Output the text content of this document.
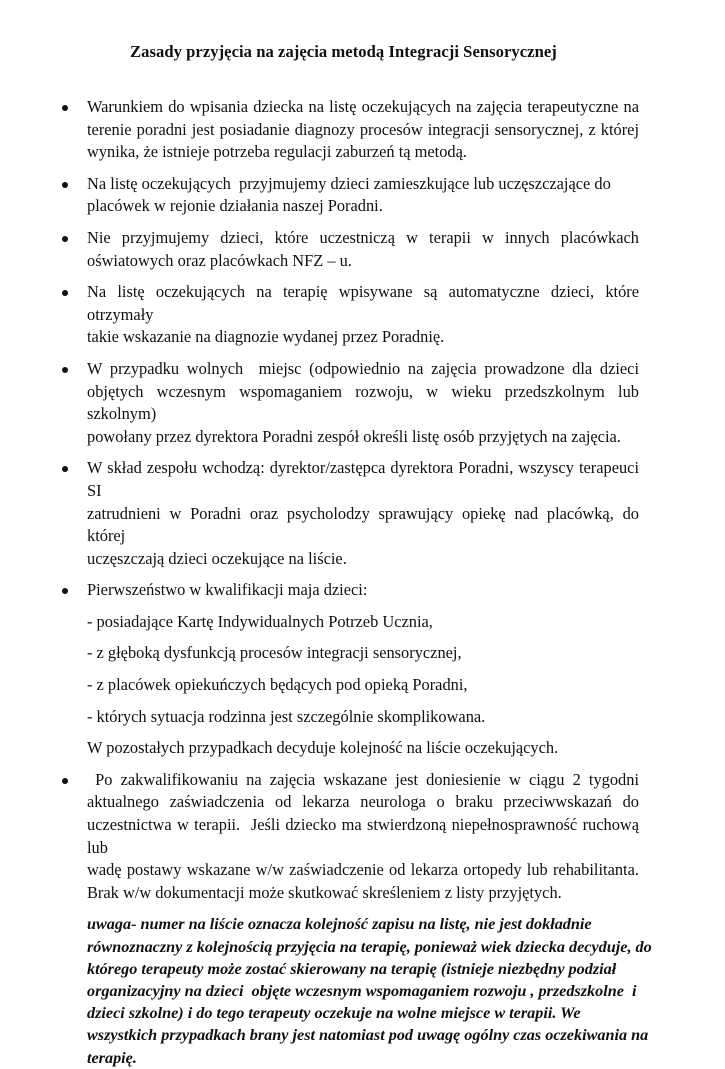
Zasady przyjęcia na zajęcia metodą Integracji Sensorycznej
Warunkiem do wpisania dziecka na listę oczekujących na zajęcia terapeutyczne na
terenie poradni jest posiadanie diagnozy procesów integracji sensorycznej, z której
wynika, że istnieje potrzeba regulacji zaburzeń tą metodą.
Na listę oczekujących  przyjmujemy dzieci zamieszkujące lub uczęszczające do
placówek w rejonie działania naszej Poradni.
Nie przyjmujemy dzieci, które uczestniczą w terapii w innych placówkach
oświatowych oraz placówkach NFZ – u.
Na listę oczekujących na terapię wpisywane są automatyczne dzieci, które otrzymały
takie wskazanie na diagnozie wydanej przez Poradnię.
W przypadku wolnych  miejsc (odpowiednio na zajęcia prowadzone dla dzieci
objętych wczesnym wspomaganiem rozwoju, w wieku przedszkolnym lub szkolnym)
powołany przez dyrektora Poradni zespół określi listę osób przyjętych na zajęcia.
W skład zespołu wchodzą: dyrektor/zastępca dyrektora Poradni, wszyscy terapeuci SI
zatrudnieni w Poradni oraz psycholodzy sprawujący opiekę nad placówką, do której
uczęszczają dzieci oczekujące na liście.
Pierwszeństwo w kwalifikacji maja dzieci:
- posiadające Kartę Indywidualnych Potrzeb Ucznia,
- z głęboką dysfunkcją procesów integracji sensorycznej,
- z placówek opiekuńczych będących pod opieką Poradni,
- których sytuacja rodzinna jest szczególnie skomplikowana.
W pozostałych przypadkach decyduje kolejność na liście oczekujących.
Po zakwalifikowaniu na zajęcia wskazane jest doniesienie w ciągu 2 tygodni
aktualnego zaświadczenia od lekarza neurologa o braku przeciwwskazań do
uczestnictwa w terapii.  Jeśli dziecko ma stwierdzoną niepełnosprawność ruchową lub
wadę postawy wskazane w/w zaświadczenie od lekarza ortopedy lub rehabilitanta.
Brak w/w dokumentacji może skutkować skreśleniem z listy przyjętych.
uwaga- numer na liście oznacza kolejność zapisu na listę, nie jest dokładnie
równoznaczny z kolejnością przyjęcia na terapię, ponieważ wiek dziecka decyduje, do
którego terapeuty może zostać skierowany na terapię (istnieje niezbędny podział
organizacyjny na dzieci  objęte wczesnym wspomaganiem rozwoju , przedszkolne  i
dzieci szkolne) i do tego terapeuty oczekuje na wolne miejsce w terapii. We
wszystkich przypadkach brany jest natomiast pod uwagę ogólny czas oczekiwania na
terapię.
